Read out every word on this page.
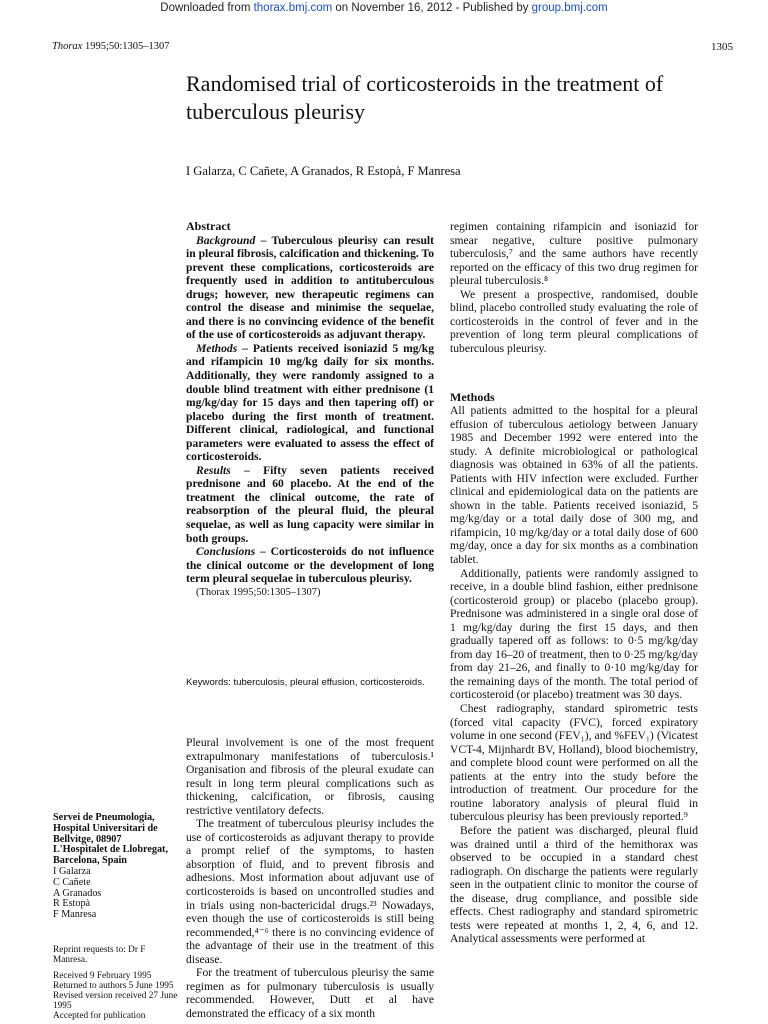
Downloaded from thorax.bmj.com on November 16, 2012 - Published by group.bmj.com
Thorax 1995;50:1305–1307	1305
Randomised trial of corticosteroids in the treatment of tuberculous pleurisy
I Galarza, C Cañete, A Granados, R Estopà, F Manresa
Abstract

Background – Tuberculous pleurisy can result in pleural fibrosis, calcification and thickening. To prevent these complications, corticosteroids are frequently used in addition to antituberculous drugs; however, new therapeutic regimens can control the disease and minimise the sequelae, and there is no convincing evidence of the benefit of the use of corticosteroids as adjuvant therapy.

Methods – Patients received isoniazid 5 mg/kg and rifampicin 10 mg/kg daily for six months. Additionally, they were randomly assigned to a double blind treatment with either prednisone (1 mg/kg/day for 15 days and then tapering off) or placebo during the first month of treatment. Different clinical, radiological, and functional parameters were evaluated to assess the effect of corticosteroids.

Results – Fifty seven patients received prednisone and 60 placebo. At the end of the treatment the clinical outcome, the rate of reabsorption of the pleural fluid, the pleural sequelae, as well as lung capacity were similar in both groups.

Conclusions – Corticosteroids do not influence the clinical outcome or the development of long term pleural sequelae in tuberculous pleurisy.

(Thorax 1995;50:1305–1307)

Keywords: tuberculosis, pleural effusion, corticosteroids.

Pleural involvement is one of the most frequent extrapulmonary manifestations of tuberculosis.¹ Organisation and fibrosis of the pleural exudate can result in long term pleural complications such as thickening, calcification, or fibrosis, causing restrictive ventilatory defects.

The treatment of tuberculous pleurisy includes the use of corticosteroids as adjuvant therapy to provide a prompt relief of the symptoms, to hasten absorption of fluid, and to prevent fibrosis and adhesions. Most information about adjuvant use of corticosteroids is based on uncontrolled studies and in trials using non-bactericidal drugs.²³ Nowadays, even though the use of corticosteroids is still being recommended,⁴⁻⁶ there is no convincing evidence of the advantage of their use in the treatment of this disease.

For the treatment of tuberculous pleurisy the same regimen as for pulmonary tuberculosis is usually recommended. However, Dutt et al have demonstrated the efficacy of a six month

regimen containing rifampicin and isoniazid for smear negative, culture positive pulmonary tuberculosis,⁷ and the same authors have recently reported on the efficacy of this two drug regimen for pleural tuberculosis.⁸

We present a prospective, randomised, double blind, placebo controlled study evaluating the role of corticosteroids in the control of fever and in the prevention of long term pleural complications of tuberculous pleurisy.

Methods

All patients admitted to the hospital for a pleural effusion of tuberculous aetiology between January 1985 and December 1992 were entered into the study. A definite microbiological or pathological diagnosis was obtained in 63% of all the patients. Patients with HIV infection were excluded. Further clinical and epidemiological data on the patients are shown in the table. Patients received isoniazid, 5 mg/kg/day or a total daily dose of 300 mg, and rifampicin, 10 mg/kg/day or a total daily dose of 600 mg/day, once a day for six months as a combination tablet.

Additionally, patients were randomly assigned to receive, in a double blind fashion, either prednisone (corticosteroid group) or placebo (placebo group). Prednisone was administered in a single oral dose of 1 mg/kg/day during the first 15 days, and then gradually tapered off as follows: to 0·5 mg/kg/day from day 16–20 of treatment, then to 0·25 mg/kg/day from day 21–26, and finally to 0·10 mg/kg/day for the remaining days of the month. The total period of corticosteroid (or placebo) treatment was 30 days.

Chest radiography, standard spirometric tests (forced vital capacity (FVC), forced expiratory volume in one second (FEV₁), and %FEV₁) (Vicatest VCT-4, Mijnhardt BV, Holland), blood biochemistry, and complete blood count were performed on all the patients at the entry into the study before the introduction of treatment. Our procedure for the routine laboratory analysis of pleural fluid in tuberculous pleurisy has been previously reported.⁹

Before the patient was discharged, pleural fluid was drained until a third of the hemithorax was observed to be occupied in a standard chest radiograph. On discharge the patients were regularly seen in the outpatient clinic to monitor the course of the disease, drug compliance, and possible side effects. Chest radiography and standard spirometric tests were repeated at months 1, 2, 4, 6, and 12. Analytical assessments were performed at

Servei de Pneumologia, Hospital Universitari de Bellvitge, 08907 L'Hospitalet de Llobregat, Barcelona, Spain
I Galarza
C Cañete
A Granados
R Estopà
F Manresa

Reprint requests to: Dr F Manresa.

Received 9 February 1995

Returned to authors 5 June 1995

Revised version received 27 June 1995

Accepted for publication
